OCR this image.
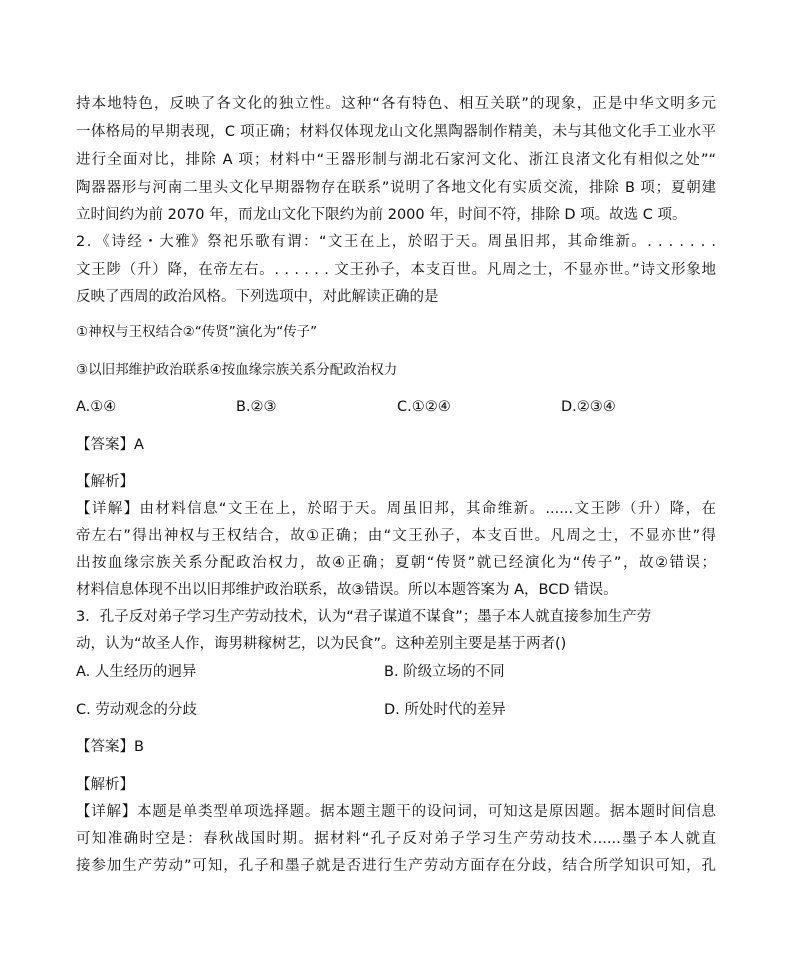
持本地特色，反映了各文化的独立性。这种“各有特色、相互关联”的现象，正是中华文明多元
一体格局的早期表现，C 项正确；材料仅体现龙山文化黑陶器制作精美，未与其他文化手工业水平
进行全面对比，排除 A 项；材料中“王器形制与湖北石家河文化、浙江良渚文化有相似之处”“
陶器器形与河南二里头文化早期器物存在联系”说明了各地文化有实质交流，排除 B 项；夏朝建
立时间约为前 2070 年，而龙山文化下限约为前 2000 年，时间不符，排除 D 项。故选 C 项。
2．《诗经・大雅》祭祀乐歌有谓：“文王在上，於昭于天。周虽旧邦，其命维新。. . . . . . .
文王陟（升）降，在帝左右。. . . . . . 文王孙子，本支百世。凡周之士，不显亦世。”诗文形象地
反映了西周的政治风格。下列选项中，对此解读正确的是
①神权与王权结合②“传贤”演化为“传子”
③以旧邦维护政治联系④按血缘宗族关系分配政治权力
A.①④	B.②③	C.①②④	D.②③④
【答案】A
【解析】
【详解】由材料信息“文王在上，於昭于天。周虽旧邦，其命维新。......文王陟（升）降，在
帝左右”得出神权与王权结合，故①正确；由“文王孙子，本支百世。凡周之士，不显亦世”得
出按血缘宗族关系分配政治权力，故④正确；夏朝“传贤”就已经演化为“传子”，故②错误；
材料信息体现不出以旧邦维护政治联系，故③错误。所以本题答案为 A，BCD 错误。
3．孔子反对弟子学习生产劳动技术，认为“君子谋道不谋食”；墨子本人就直接参加生产劳
动，认为“故圣人作，诲男耕稼树艺，以为民食”。这种差别主要是基于两者()
A. 人生经历的迥异	B. 阶级立场的不同
C. 劳动观念的分歧	D. 所处时代的差异
【答案】B
【解析】
【详解】本题是单类型单项选择题。据本题主题干的设问词，可知这是原因题。据本题时间信息
可知准确时空是：春秋战国时期。据材料“孔子反对弟子学习生产劳动技术......墨子本人就直
接参加生产劳动”可知，孔子和墨子就是否进行生产劳动方面存在分歧，结合所学知识可知，孔
